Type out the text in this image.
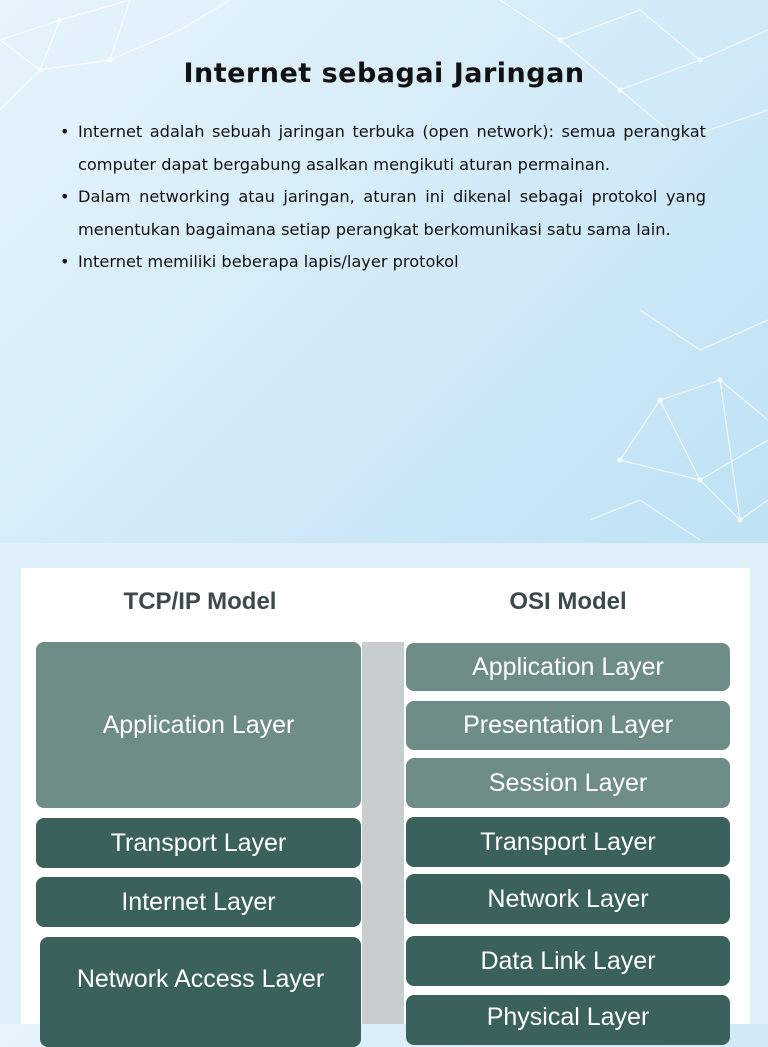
Internet sebagai Jaringan

• Internet adalah sebuah jaringan terbuka (open network): semua perangkat computer dapat bergabung asalkan mengikuti aturan permainan.

• Dalam networking atau jaringan, aturan ini dikenal sebagai protokol yang menentukan bagaimana setiap perangkat berkomunikasi satu sama lain.

• Internet memiliki beberapa lapis/layer protokol

TCP/IP Model	OSI Model
Application Layer
Transport Layer
Internet Layer
Network Access Layer
Application Layer
Presentation Layer
Session Layer
Transport Layer
Network Layer
Data Link Layer
Physical Layer
